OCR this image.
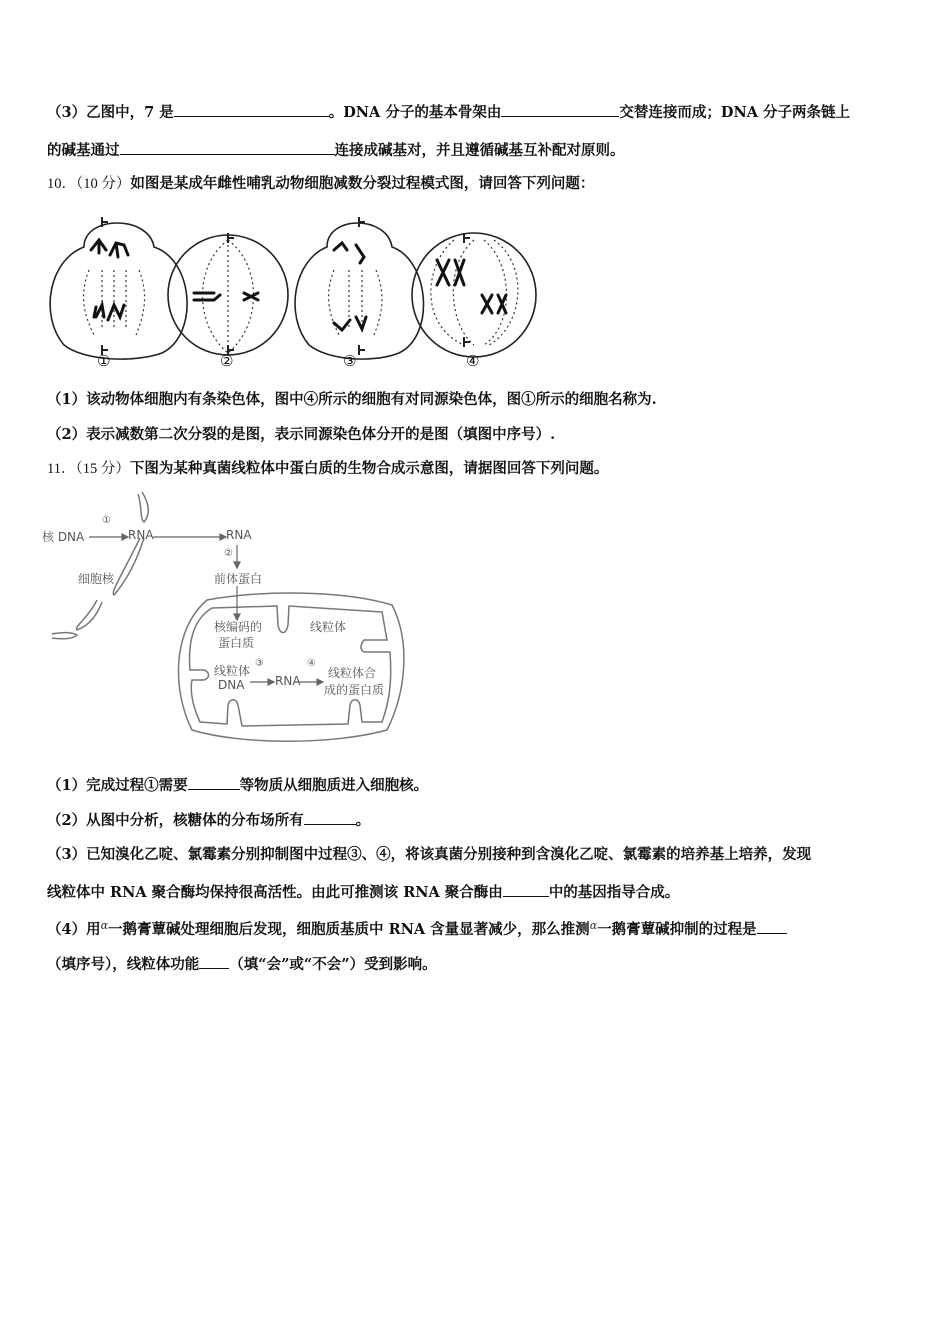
（3）乙图中，7 是	。DNA 分子的基本骨架由	交替连接而成；DNA 分子两条链上
的碱基通过	连接成碱基对，并且遵循碱基互补配对原则。
10．（10 分）如图是某成年雌性哺乳动物细胞减数分裂过程模式图，请回答下列问题：
①	②	③	④
（1）该动物体细胞内有条染色体，图中④所示的细胞有对同源染色体，图①所示的细胞名称为.
（2）表示减数第二次分裂的是图，表示同源染色体分开的是图（填图中序号）.
11．（15 分）下图为某种真菌线粒体中蛋白质的生物合成示意图，请据图回答下列问题。
核 DNA
①
RNA	RNA
②
前体蛋白
细胞核
线粒体
核编码的
蛋白质
线粒体
DNA
③
RNA
④
线粒体合
成的蛋白质
（1）完成过程①需要	等物质从细胞质进入细胞核。
（2）从图中分析，核糖体的分布场所有	。
（3）已知溴化乙啶、氯霉素分别抑制图中过程③、④，将该真菌分别接种到含溴化乙啶、氯霉素的培养基上培养，发现
线粒体中 RNA 聚合酶均保持很高活性。由此可推测该 RNA 聚合酶由	中的基因指导合成。
（4）用$^\alpha$一鹅膏蕈碱处理细胞后发现，细胞质基质中 RNA 含量显著减少，那么推测$^\alpha$一鹅膏蕈碱抑制的过程是
（填序号），线粒体功能 （填“会”或“不会”）受到影响。
